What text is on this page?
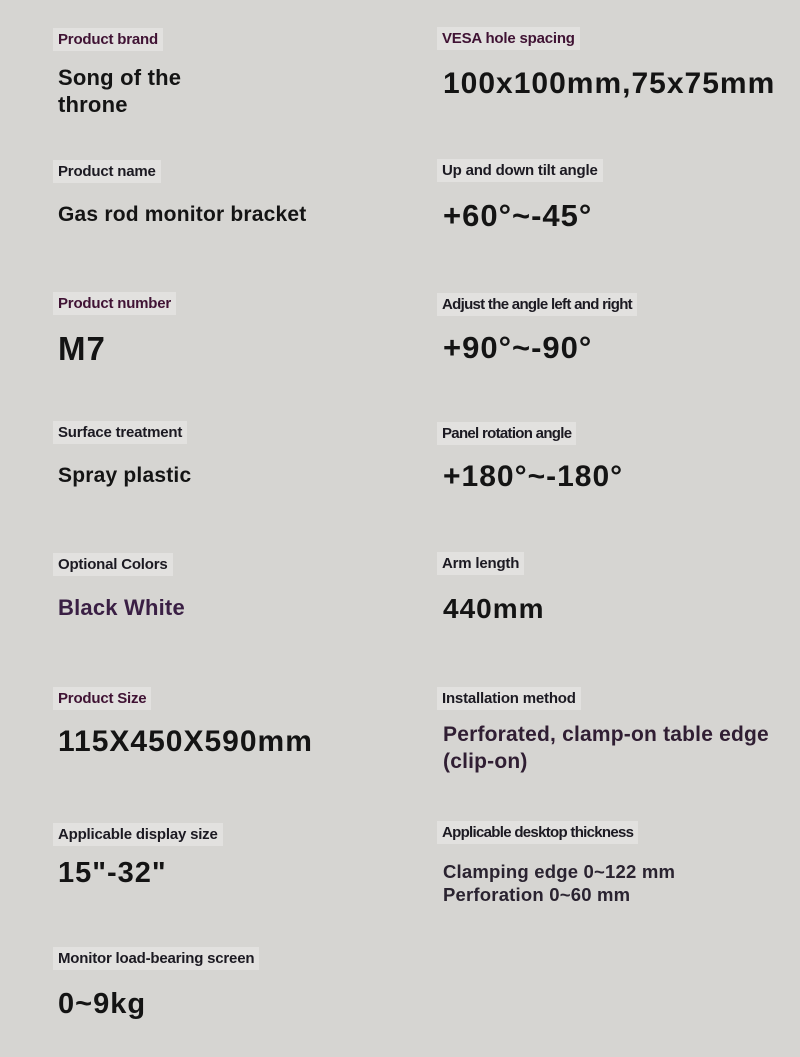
Product brand
Song of the throne
Product name
Gas rod monitor bracket
Product number
M7
Surface treatment
Spray plastic
Optional Colors
Black White
Product Size
115X450X590mm
Applicable display size
15"-32"
Monitor load-bearing screen
0~9kg
VESA hole spacing
100x100mm,75x75mm
Up and down tilt angle
+60°~-45°
Adjust the angle left and right
+90°~-90°
Panel rotation angle
+180°~-180°
Arm length
440mm
Installation method
Perforated, clamp-on table edge (clip-on)
Applicable desktop thickness
Clamping edge 0~122 mm Perforation 0~60 mm
